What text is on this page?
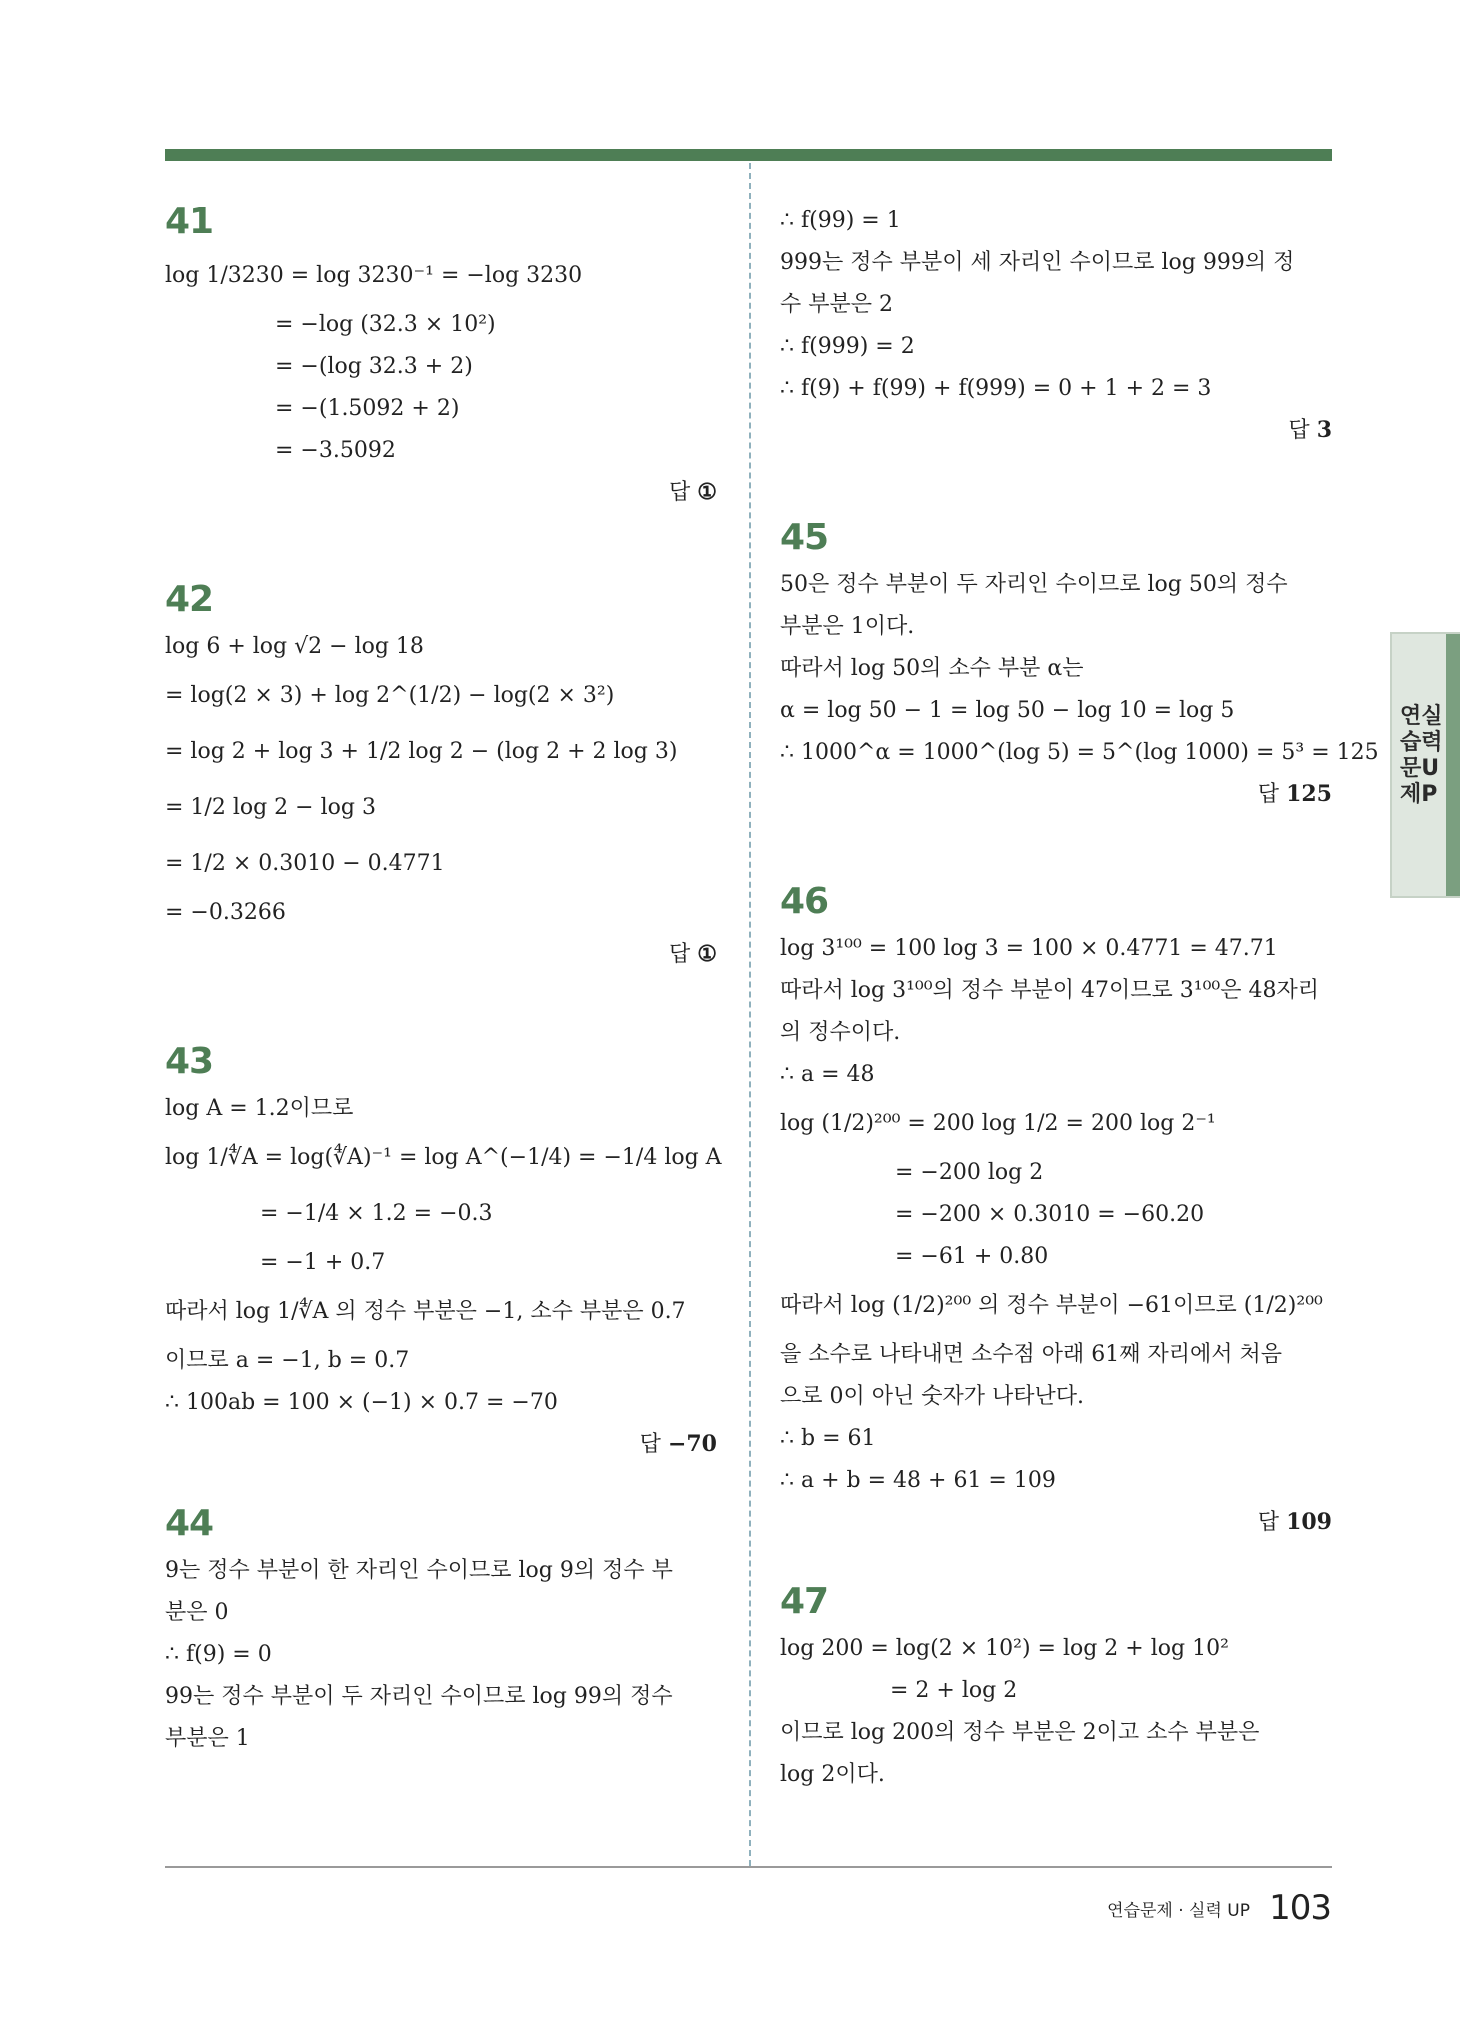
41
log 1/3230 = log 3230⁻¹ = −log 3230
= −log (32.3 × 10²)
= −(log 32.3 + 2)
= −(1.5092 + 2)
= −3.5092
답 ①
42
log 6 + log √2 − log 18
= log(2 × 3) + log 2^(1/2) − log(2 × 3²)
= log 2 + log 3 + 1/2 log 2 − (log 2 + 2 log 3)
= 1/2 log 2 − log 3
= 1/2 × 0.3010 − 0.4771
= −0.3266
답 ①
43
log A = 1.2이므로
log 1/∜A = log(∜A)⁻¹ = log A^(−1/4) = −1/4 log A
= −1/4 × 1.2 = −0.3
= −1 + 0.7
따라서 log 1/∜A 의 정수 부분은 −1, 소수 부분은 0.7
이므로 a = −1, b = 0.7
∴ 100ab = 100 × (−1) × 0.7 = −70
답 −70
44
9는 정수 부분이 한 자리인 수이므로 log 9의 정수 부
분은 0
∴ f(9) = 0
99는 정수 부분이 두 자리인 수이므로 log 99의 정수
부분은 1
∴ f(99) = 1
999는 정수 부분이 세 자리인 수이므로 log 999의 정
수 부분은 2
∴ f(999) = 2
∴ f(9) + f(99) + f(999) = 0 + 1 + 2 = 3
답 3
45
50은 정수 부분이 두 자리인 수이므로 log 50의 정수
부분은 1이다.
따라서 log 50의 소수 부분 α는
α = log 50 − 1 = log 50 − log 10 = log 5
∴ 1000^α = 1000^(log 5) = 5^(log 1000) = 5³ = 125
답 125
46
log 3¹⁰⁰ = 100 log 3 = 100 × 0.4771 = 47.71
따라서 log 3¹⁰⁰의 정수 부분이 47이므로 3¹⁰⁰은 48자리
의 정수이다.
∴ a = 48
log (1/2)²⁰⁰ = 200 log 1/2 = 200 log 2⁻¹
= −200 log 2
= −200 × 0.3010 = −60.20
= −61 + 0.80
따라서 log (1/2)²⁰⁰ 의 정수 부분이 −61이므로 (1/2)²⁰⁰
을 소수로 나타내면 소수점 아래 61째 자리에서 처음
으로 0이 아닌 숫자가 나타난다.
∴ b = 61
∴ a + b = 48 + 61 = 109
답 109
47
log 200 = log(2 × 10²) = log 2 + log 10²
= 2 + log 2
이므로 log 200의 정수 부분은 2이고 소수 부분은
log 2이다.
연실
습력
문U
제P
연습문제 · 실력 UP 103
